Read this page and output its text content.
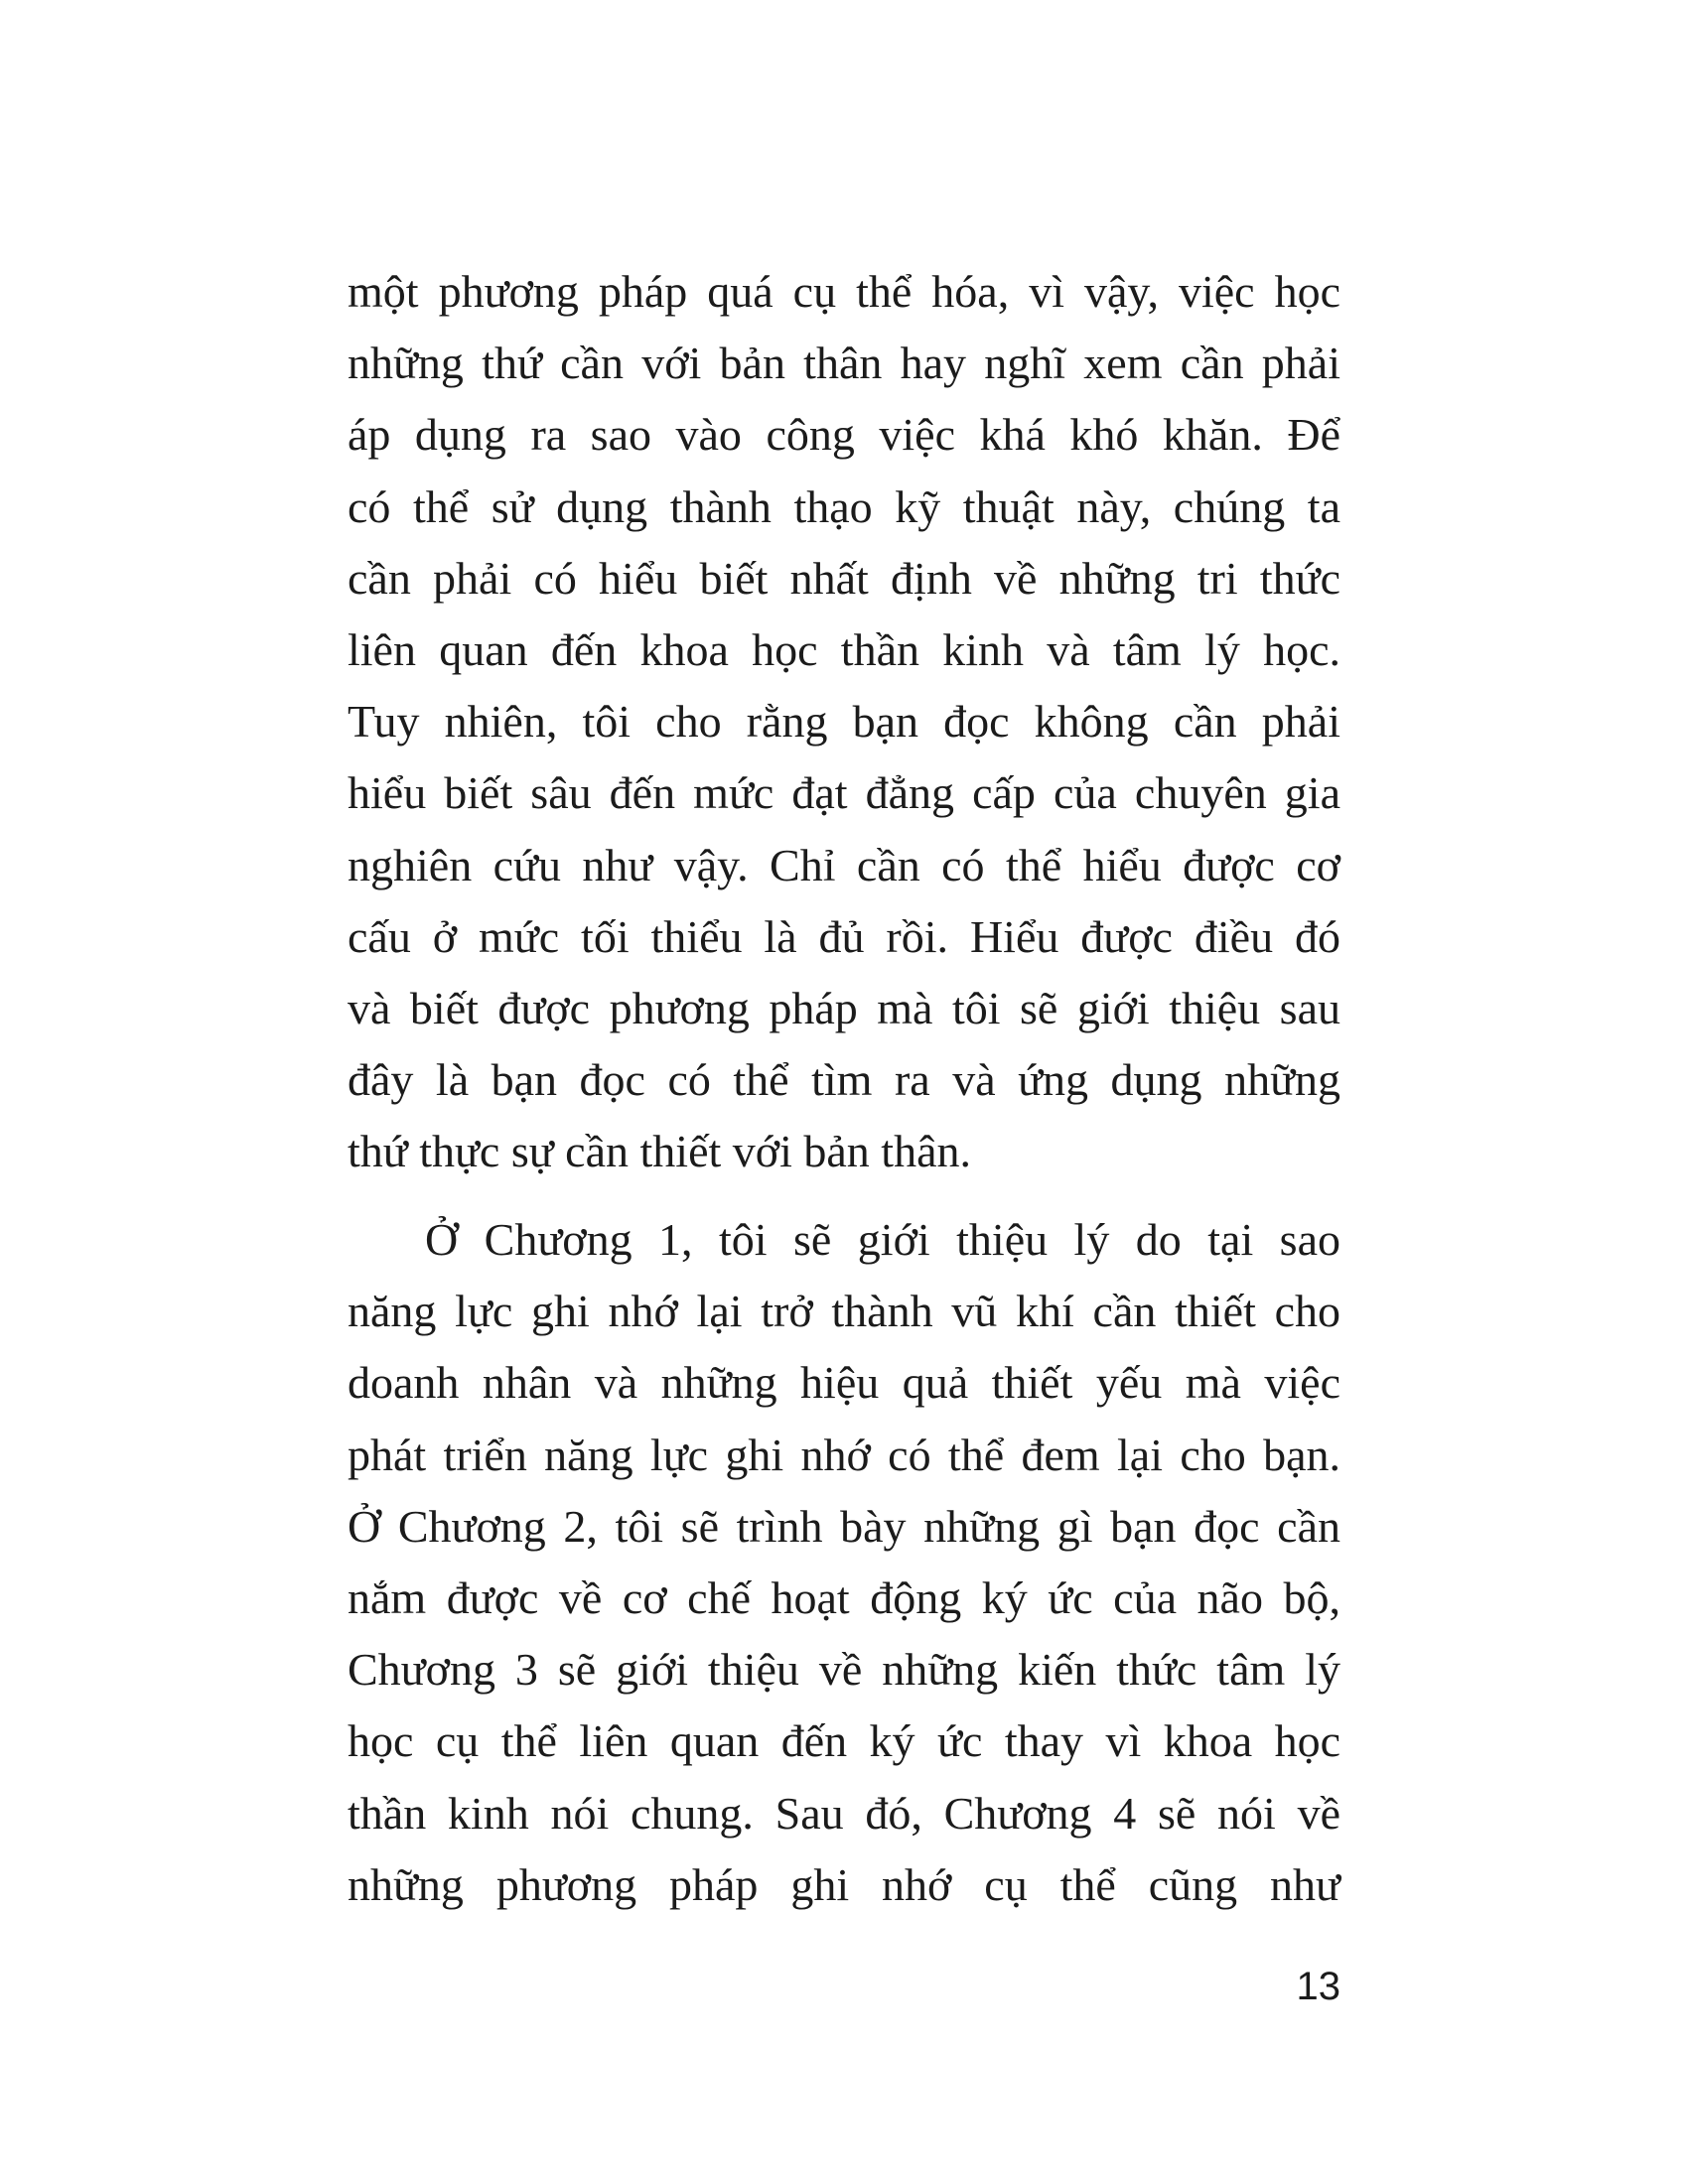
một phương pháp quá cụ thể hóa, vì vậy, việc học
những thứ cần với bản thân hay nghĩ xem cần phải
áp dụng ra sao vào công việc khá khó khăn. Để
có thể sử dụng thành thạo kỹ thuật này, chúng ta
cần phải có hiểu biết nhất định về những tri thức
liên quan đến khoa học thần kinh và tâm lý học.
Tuy nhiên, tôi cho rằng bạn đọc không cần phải
hiểu biết sâu đến mức đạt đẳng cấp của chuyên gia
nghiên cứu như vậy. Chỉ cần có thể hiểu được cơ
cấu ở mức tối thiểu là đủ rồi. Hiểu được điều đó
và biết được phương pháp mà tôi sẽ giới thiệu sau
đây là bạn đọc có thể tìm ra và ứng dụng những
thứ thực sự cần thiết với bản thân.
Ở Chương 1, tôi sẽ giới thiệu lý do tại sao
năng lực ghi nhớ lại trở thành vũ khí cần thiết cho
doanh nhân và những hiệu quả thiết yếu mà việc
phát triển năng lực ghi nhớ có thể đem lại cho bạn.
Ở Chương 2, tôi sẽ trình bày những gì bạn đọc cần
nắm được về cơ chế hoạt động ký ức của não bộ,
Chương 3 sẽ giới thiệu về những kiến thức tâm lý
học cụ thể liên quan đến ký ức thay vì khoa học
thần kinh nói chung. Sau đó, Chương 4 sẽ nói về
những phương pháp ghi nhớ cụ thể cũng như
13
